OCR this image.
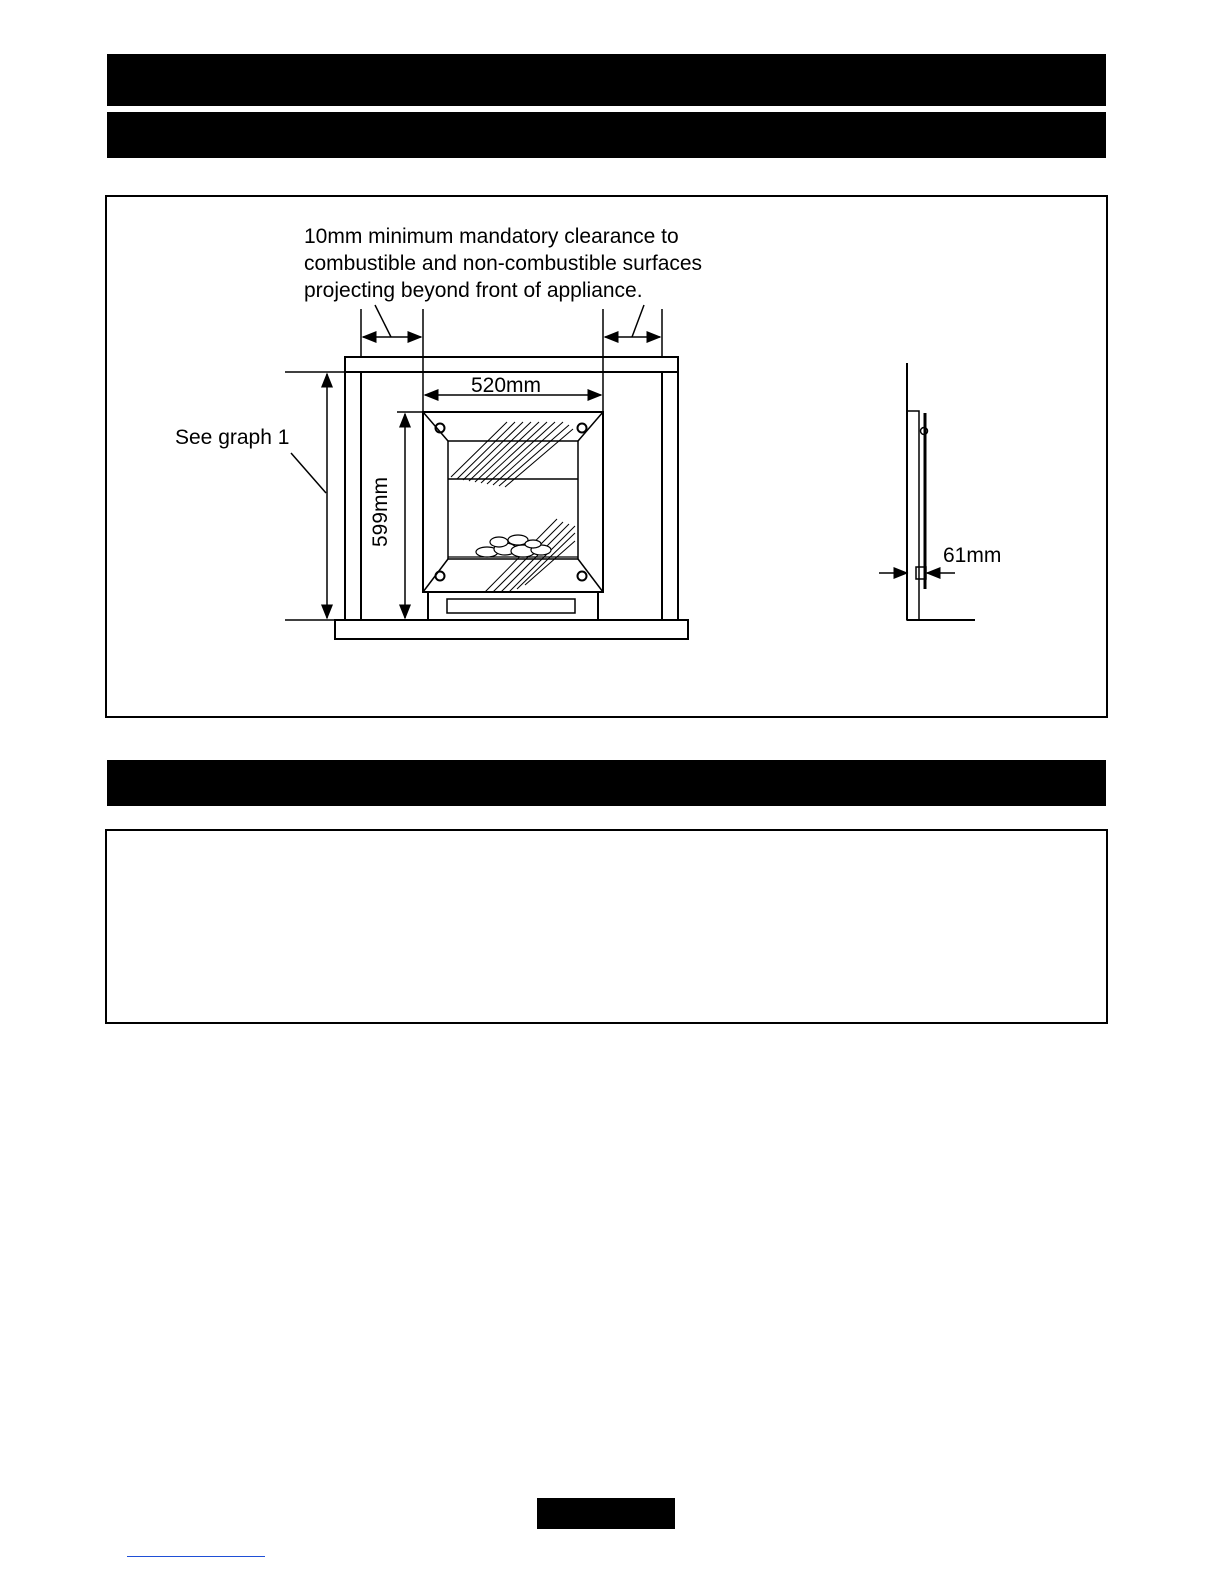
10mm minimum mandatory clearance to
combustible and non-combustible surfaces
projecting beyond front of appliance.
520mm
599mm
See graph 1
61mm
